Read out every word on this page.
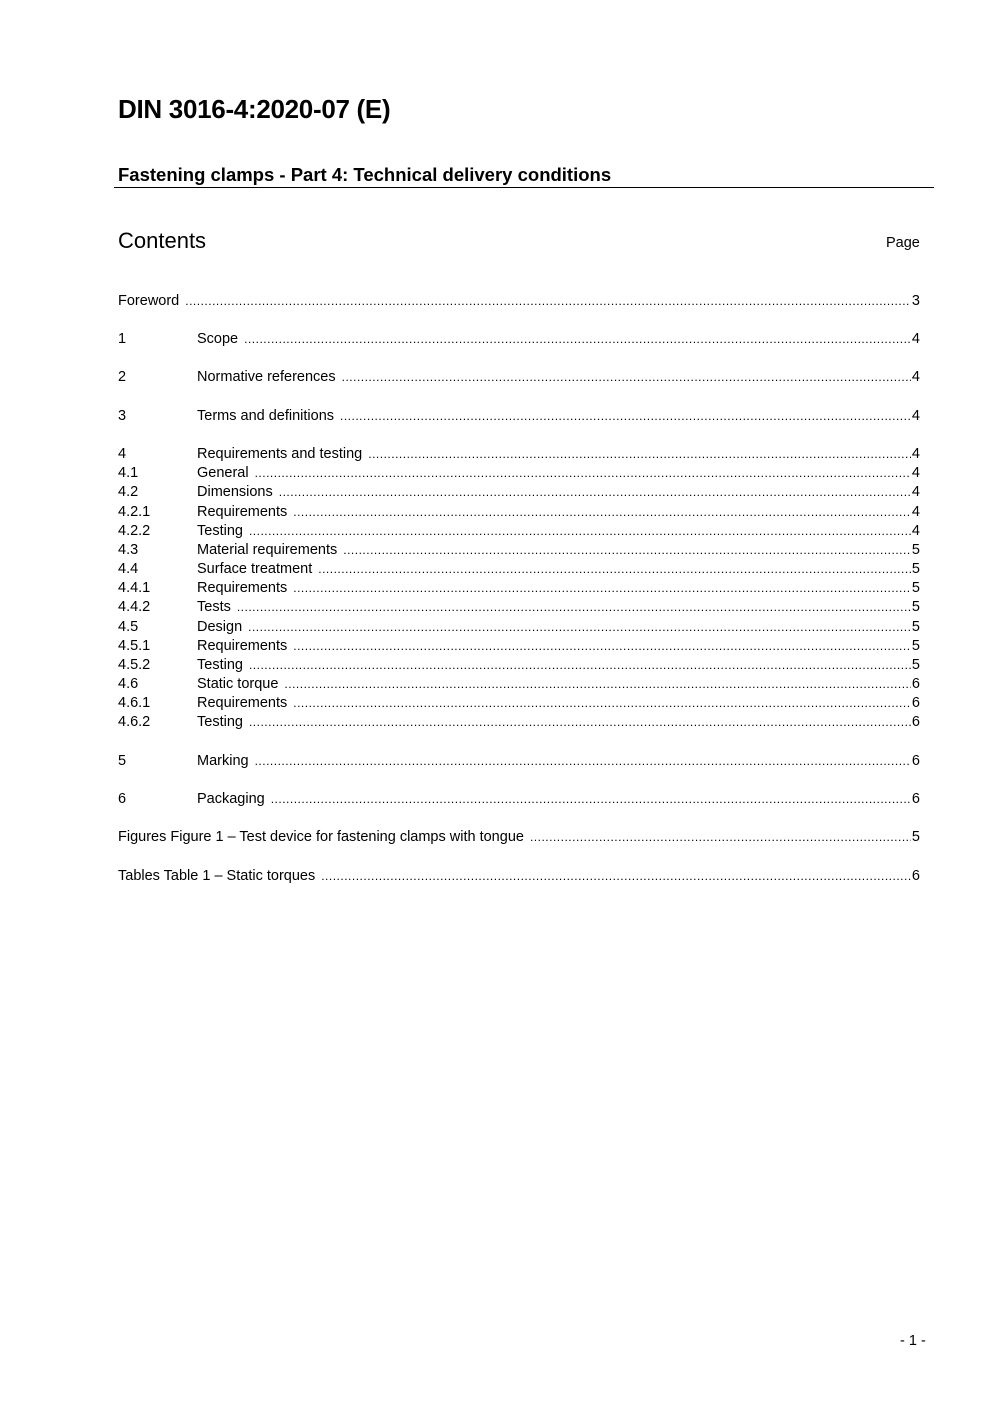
DIN 3016-4:2020-07 (E)
Fastening clamps - Part 4: Technical delivery conditions
Contents	Page
Foreword .....	3
1	Scope .....	4
2	Normative references .....	4
3	Terms and definitions .....	4
4	Requirements and testing .....	4
4.1	General .....	4
4.2	Dimensions .....	4
4.2.1	Requirements .....	4
4.2.2	Testing .....	4
4.3	Material requirements .....	5
4.4	Surface treatment .....	5
4.4.1	Requirements .....	5
4.4.2	Tests .....	5
4.5	Design .....	5
4.5.1	Requirements .....	5
4.5.2	Testing .....	5
4.6	Static torque .....	6
4.6.1	Requirements .....	6
4.6.2	Testing .....	6
5	Marking .....	6
6	Packaging .....	6
Figures Figure 1 – Test device for fastening clamps with tongue .....	5
Tables Table 1 – Static torques .....	6
- 1 -
